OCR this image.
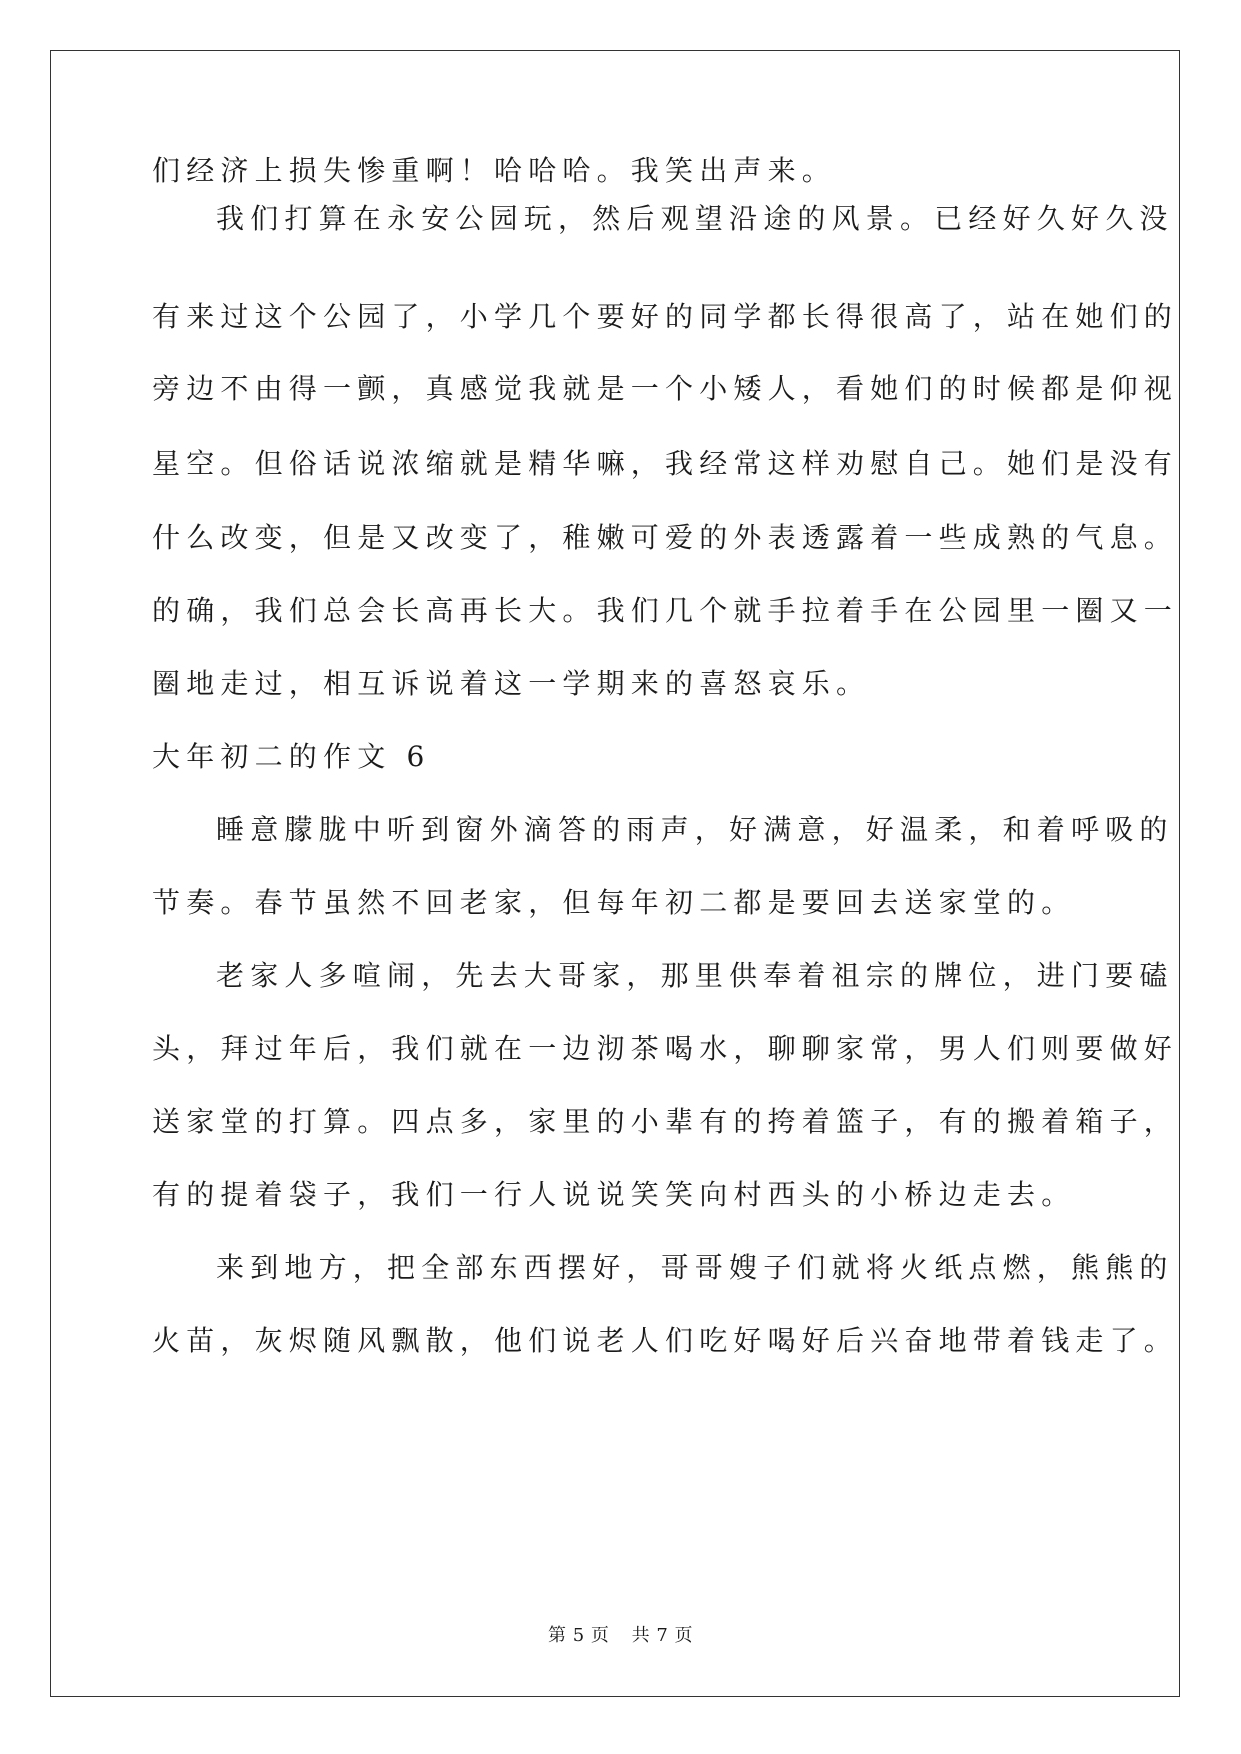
们经济上损失惨重啊！哈哈哈。我笑出声来。
我们打算在永安公园玩，然后观望沿途的风景。已经好久好久没
有来过这个公园了，小学几个要好的同学都长得很高了，站在她们的
旁边不由得一颤，真感觉我就是一个小矮人，看她们的时候都是仰视
星空。但俗话说浓缩就是精华嘛，我经常这样劝慰自己。她们是没有
什么改变，但是又改变了，稚嫩可爱的外表透露着一些成熟的气息。
的确，我们总会长高再长大。我们几个就手拉着手在公园里一圈又一
圈地走过，相互诉说着这一学期来的喜怒哀乐。
大年初二的作文 6
睡意朦胧中听到窗外滴答的雨声，好满意，好温柔，和着呼吸的
节奏。春节虽然不回老家，但每年初二都是要回去送家堂的。
老家人多喧闹，先去大哥家，那里供奉着祖宗的牌位，进门要磕
头，拜过年后，我们就在一边沏茶喝水，聊聊家常，男人们则要做好
送家堂的打算。四点多，家里的小辈有的挎着篮子，有的搬着箱子，
有的提着袋子，我们一行人说说笑笑向村西头的小桥边走去。
来到地方，把全部东西摆好，哥哥嫂子们就将火纸点燃，熊熊的
火苗，灰烬随风飘散，他们说老人们吃好喝好后兴奋地带着钱走了。
第 5 页 共 7 页
